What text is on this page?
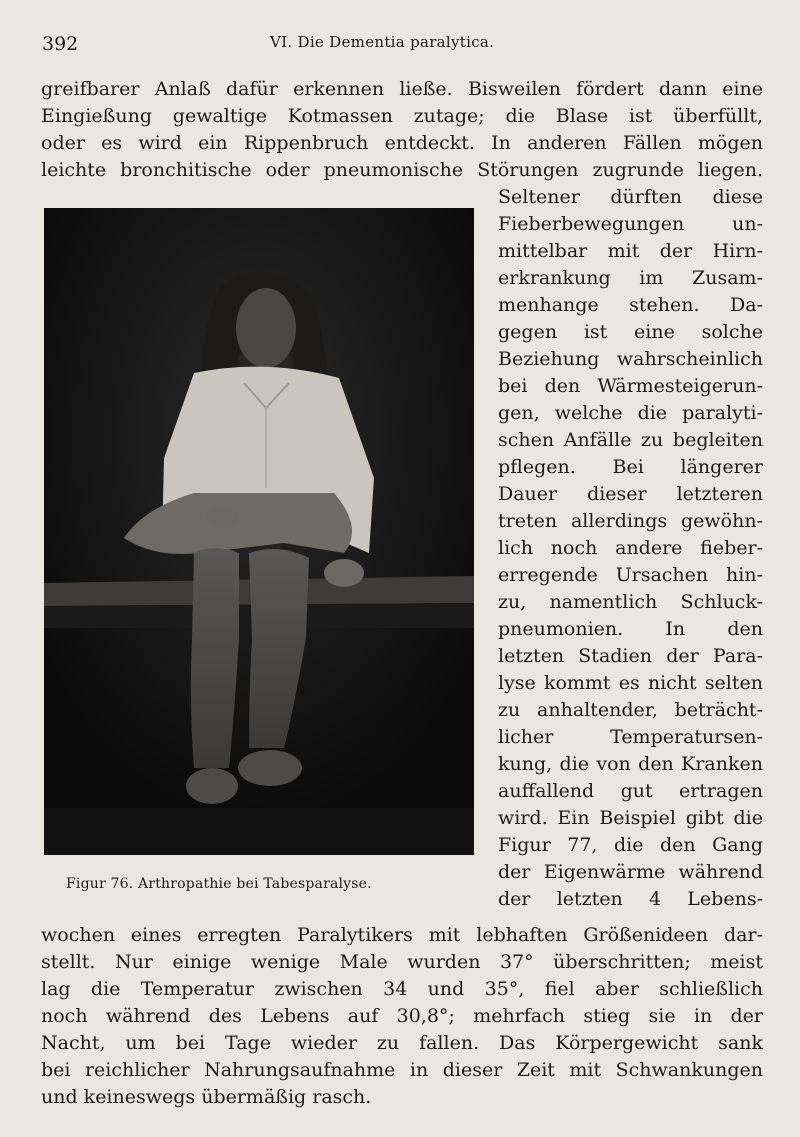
392	VI. Die Dementia paralytica.
greifbarer Anlaß dafür erkennen ließe. Bisweilen fördert dann eine
Eingießung gewaltige Kotmassen zutage; die Blase ist überfüllt,
oder es wird ein Rippenbruch entdeckt. In anderen Fällen mögen
leichte bronchitische oder pneumonische Störungen zugrunde liegen.
Seltener dürften diese
Fieberbewegungen un-
mittelbar mit der Hirn-
erkrankung im Zusam-
menhange stehen. Da-
gegen ist eine solche
Beziehung wahrscheinlich
bei den Wärmesteigerun-
gen, welche die paralyti-
schen Anfälle zu begleiten
pflegen. Bei längerer
Dauer dieser letzteren
treten allerdings gewöhn-
lich noch andere fieber-
erregende Ursachen hin-
zu, namentlich Schluck-
pneumonien. In den
letzten Stadien der Para-
lyse kommt es nicht selten
zu anhaltender, beträcht-
licher Temperatursen-
kung, die von den Kranken
auffallend gut ertragen
wird. Ein Beispiel gibt die
Figur 77, die den Gang
der Eigenwärme während
der letzten 4 Lebens-
wochen eines erregten Paralytikers mit lebhaften Größenideen dar-
stellt. Nur einige wenige Male wurden 37° überschritten; meist
lag die Temperatur zwischen 34 und 35°, fiel aber schließlich
noch während des Lebens auf 30,8°; mehrfach stieg sie in der
Nacht, um bei Tage wieder zu fallen. Das Körpergewicht sank
bei reichlicher Nahrungsaufnahme in dieser Zeit mit Schwankungen
und keineswegs übermäßig rasch.
Figur 76. Arthropathie bei Tabesparalyse.
